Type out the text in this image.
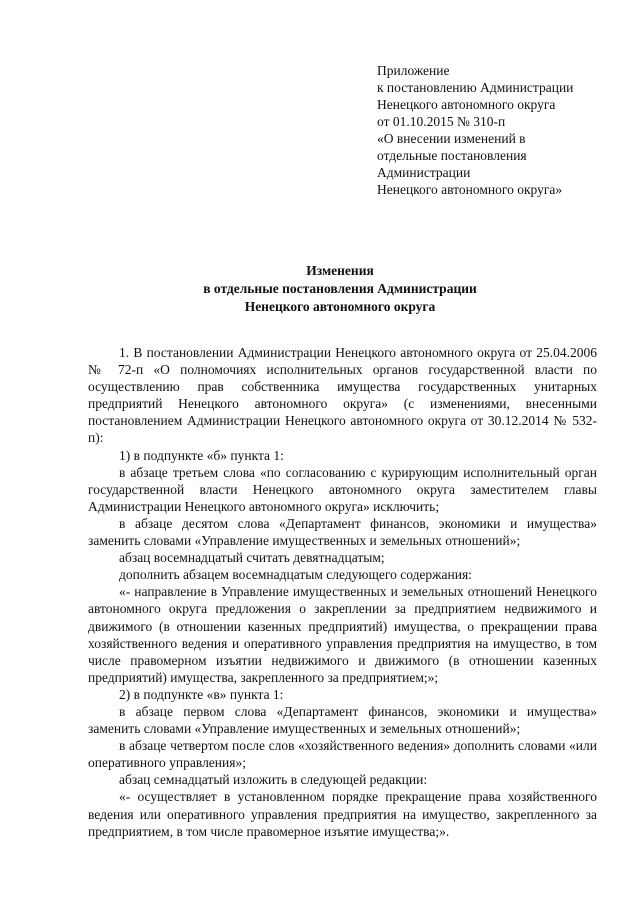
Приложение
к постановлению Администрации
Ненецкого автономного округа
от 01.10.2015 № 310-п
«О внесении изменений в
отдельные постановления
Администрации
Ненецкого автономного округа»
Изменения
в отдельные постановления Администрации
Ненецкого автономного округа

1. В постановлении Администрации Ненецкого автономного округа от 25.04.2006 № 72-п «О полномочиях исполнительных органов государственной власти по осуществлению прав собственника имущества государственных унитарных предприятий Ненецкого автономного округа» (с изменениями, внесенными постановлением Администрации Ненецкого автономного округа от 30.12.2014 № 532-п):

1) в подпункте «б» пункта 1:

в абзаце третьем слова «по согласованию с курирующим исполнительный орган государственной власти Ненецкого автономного округа заместителем главы Администрации Ненецкого автономного округа» исключить;

в абзаце десятом слова «Департамент финансов, экономики и имущества» заменить словами «Управление имущественных и земельных отношений»;

абзац восемнадцатый считать девятнадцатым;

дополнить абзацем восемнадцатым следующего содержания:

«- направление в Управление имущественных и земельных отношений Ненецкого автономного округа предложения о закреплении за предприятием недвижимого и движимого (в отношении казенных предприятий) имущества, о прекращении права хозяйственного ведения и оперативного управления предприятия на имущество, в том числе правомерном изъятии недвижимого и движимого (в отношении казенных предприятий) имущества, закрепленного за предприятием;»;

2) в подпункте «в» пункта 1:

в абзаце первом слова «Департамент финансов, экономики и имущества» заменить словами «Управление имущественных и земельных отношений»;

в абзаце четвертом после слов «хозяйственного ведения» дополнить словами «или оперативного управления»;

абзац семнадцатый изложить в следующей редакции:

«- осуществляет в установленном порядке прекращение права хозяйственного ведения или оперативного управления предприятия на имущество, закрепленного за предприятием, в том числе правомерное изъятие имущества;».
